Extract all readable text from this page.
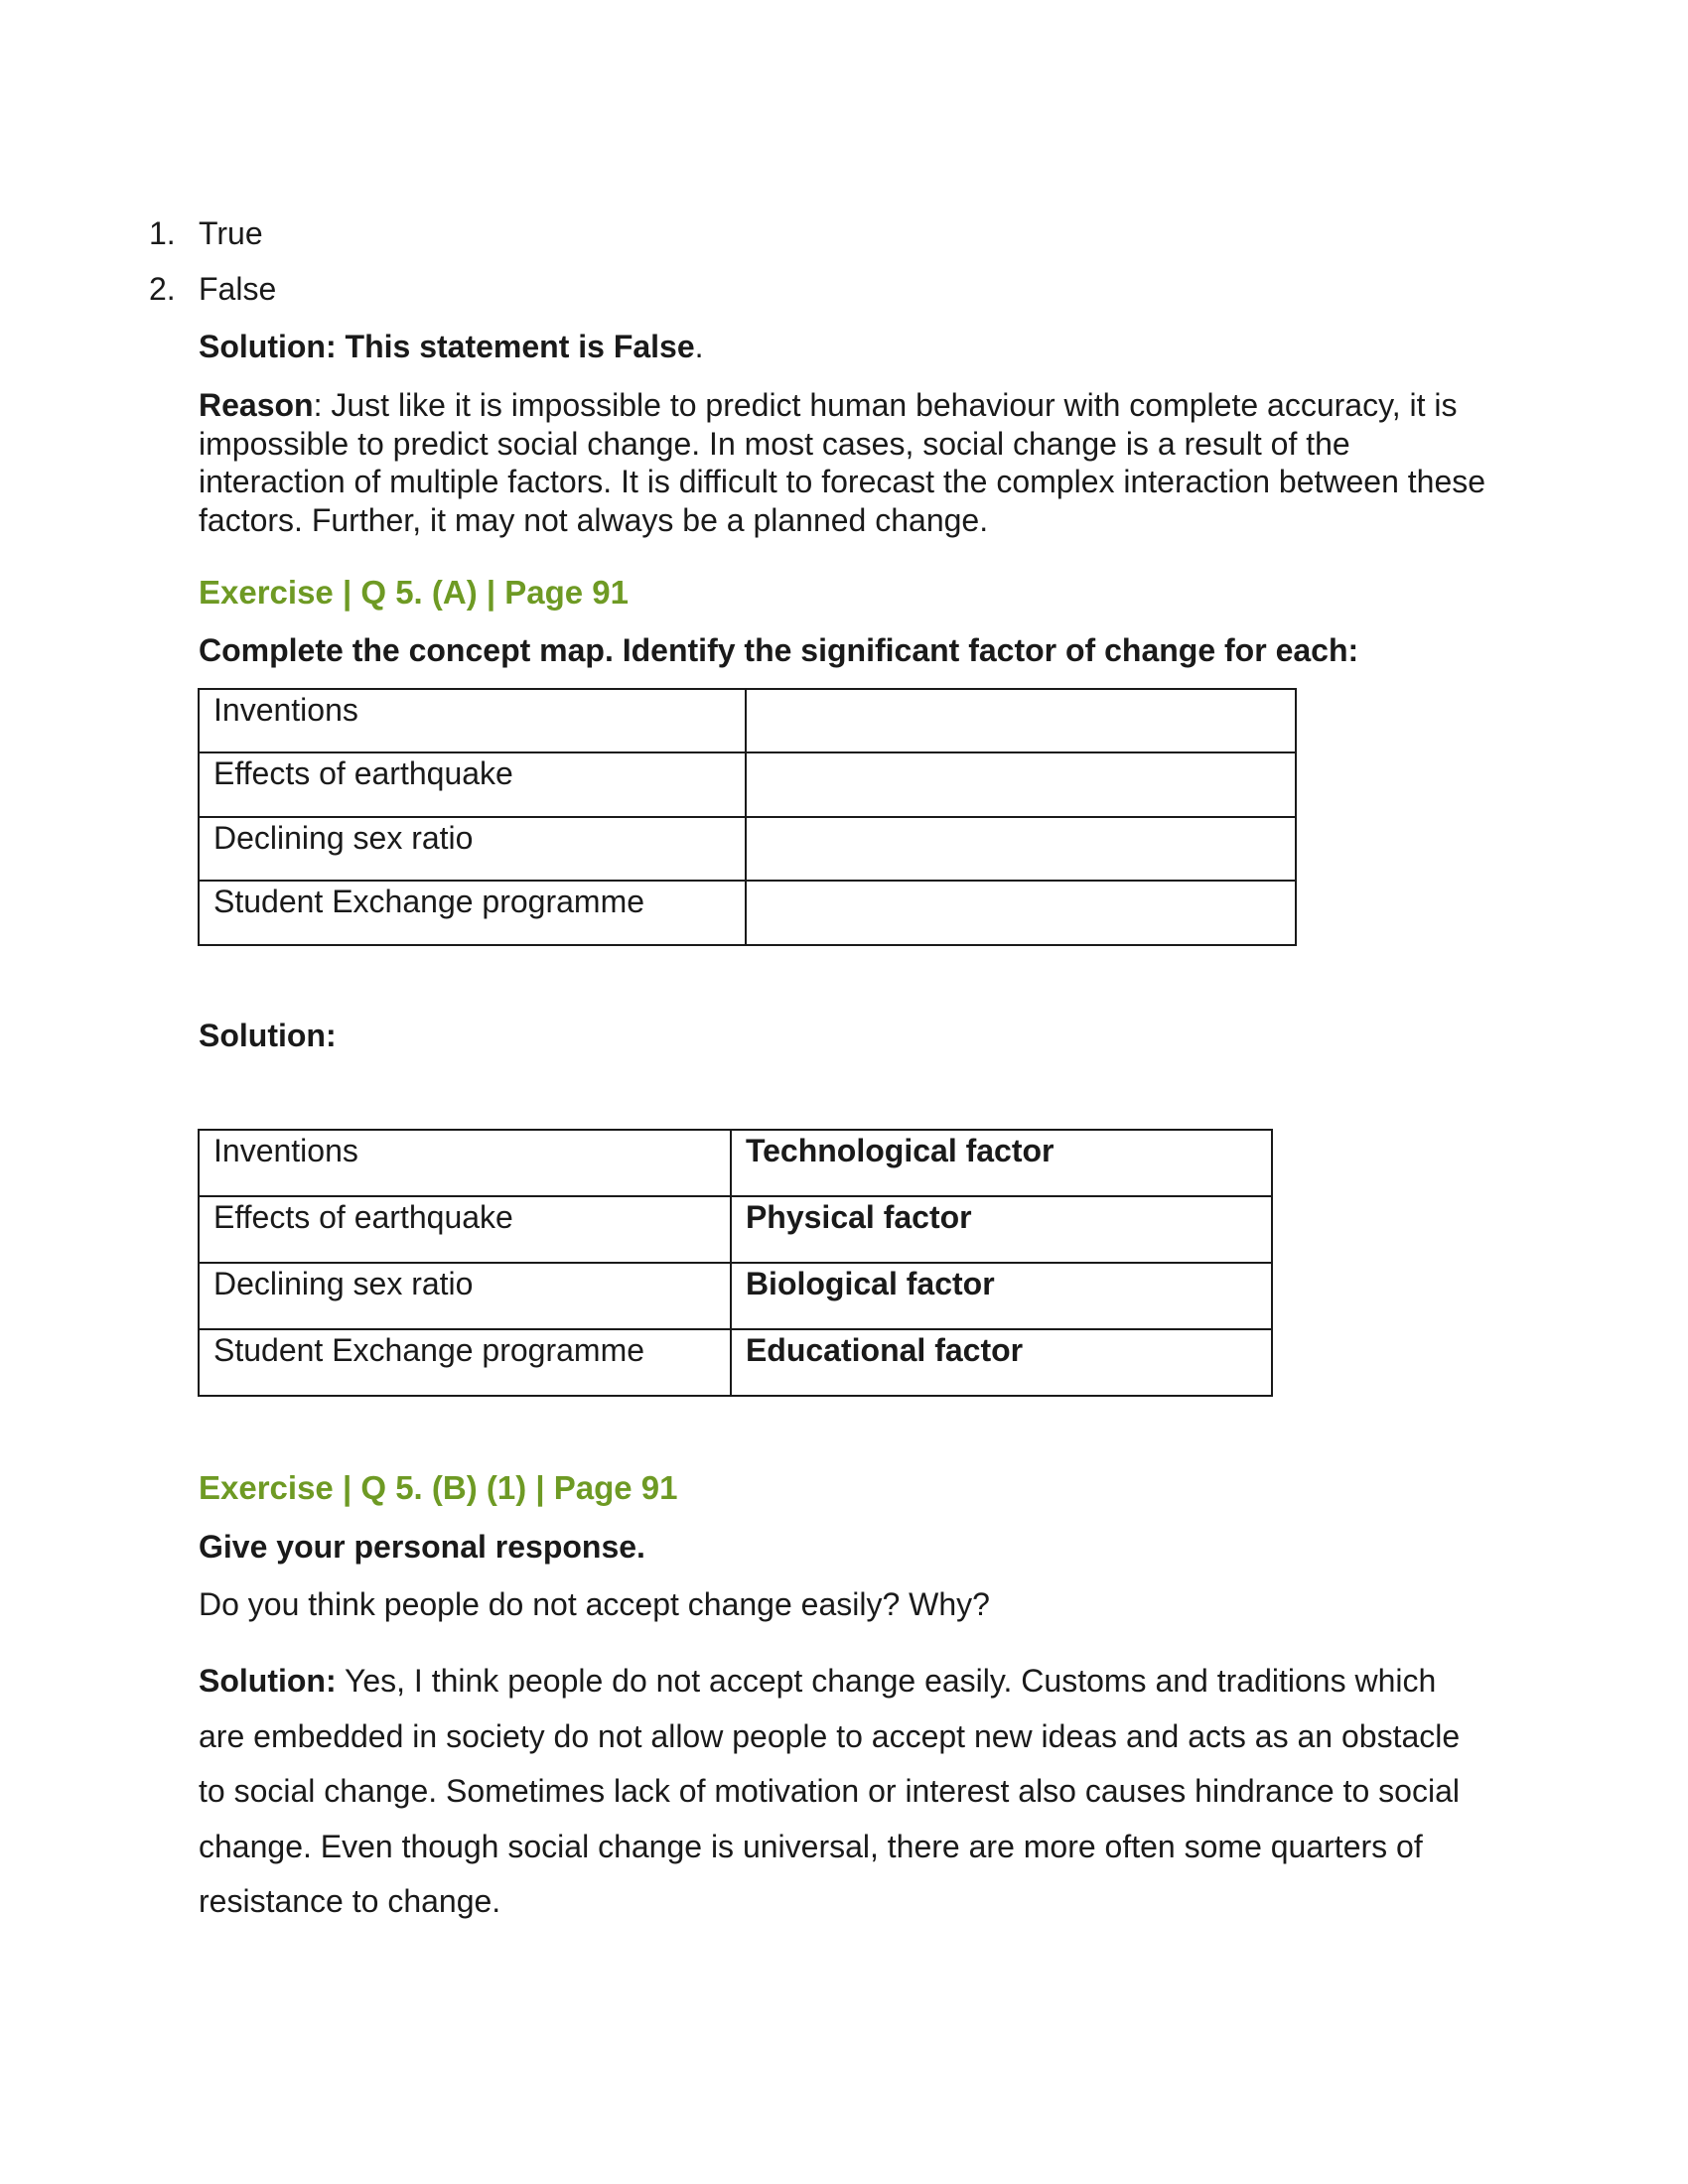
1. True
2. False
Solution: This statement is False.
Reason: Just like it is impossible to predict human behaviour with complete accuracy, it is impossible to predict social change. In most cases, social change is a result of the interaction of multiple factors. It is difficult to forecast the complex interaction between these factors. Further, it may not always be a planned change.
Exercise | Q 5. (A) | Page 91
Complete the concept map. Identify the significant factor of change for each:
Inventions	
Effects of earthquake	
Declining sex ratio	
Student Exchange programme	
Solution:
Inventions	Technological factor
Effects of earthquake	Physical factor
Declining sex ratio	Biological factor
Student Exchange programme	Educational factor
Exercise | Q 5. (B) (1) | Page 91
Give your personal response.
Do you think people do not accept change easily? Why?
Solution: Yes, I think people do not accept change easily. Customs and traditions which are embedded in society do not allow people to accept new ideas and acts as an obstacle to social change. Sometimes lack of motivation or interest also causes hindrance to social change. Even though social change is universal, there are more often some quarters of resistance to change.
